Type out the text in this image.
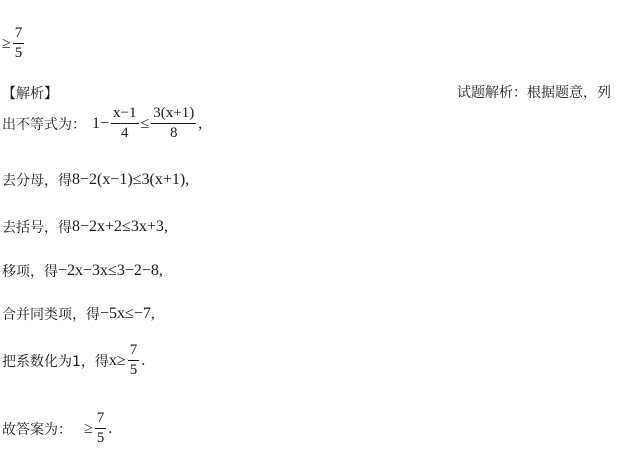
≥ $\frac{7}{5}$
【解析】	试题解析：根据题意，列
出不等式为： $1- \frac{x-1}{4} \le \frac{3(x+1)}{8}$ ,
去分母，得 8−2(x−1)≤3(x+1),
去括号，得 8−2x+2≤3x+3,
移项，得 −2x−3x≤3−2−8,
合并同类项，得 −5x≤−7,
把系数化为1，得 $x\ge \frac{7}{5}$ .
故答案为： ≥ $\frac{7}{5}$ .
